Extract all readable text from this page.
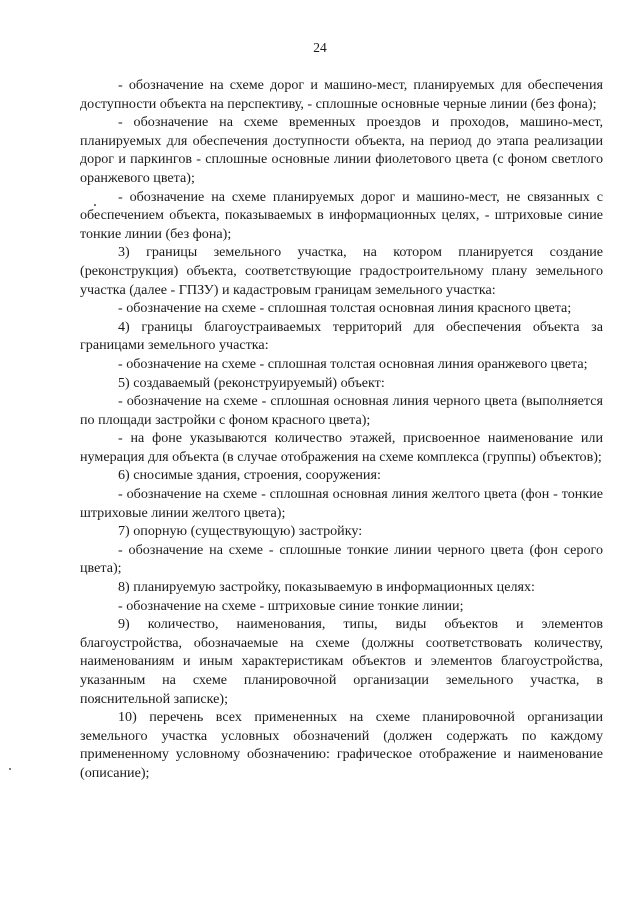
24

- обозначение на схеме дорог и машино-мест, планируемых для обеспечения доступности объекта на перспективу, - сплошные основные черные линии (без фона);

- обозначение на схеме временных проездов и проходов, машино-мест, планируемых для обеспечения доступности объекта, на период до этапа реализации дорог и паркингов - сплошные основные линии фиолетового цвета (с фоном светлого оранжевого цвета);

- обозначение на схеме планируемых дорог и машино-мест, не связанных с обеспечением объекта, показываемых в информационных целях, - штриховые синие тонкие линии (без фона);

3) границы земельного участка, на котором планируется создание (реконструкция) объекта, соответствующие градостроительному плану земельного участка (далее - ГПЗУ) и кадастровым границам земельного участка:

- обозначение на схеме - сплошная толстая основная линия красного цвета;

4) границы благоустраиваемых территорий для обеспечения объекта за границами земельного участка:

- обозначение на схеме - сплошная толстая основная линия оранжевого цвета;

5) создаваемый (реконструируемый) объект:

- обозначение на схеме - сплошная основная линия черного цвета (выполняется по площади застройки с фоном красного цвета);

- на фоне указываются количество этажей, присвоенное наименование или нумерация для объекта (в случае отображения на схеме комплекса (группы) объектов);

6) сносимые здания, строения, сооружения:

- обозначение на схеме - сплошная основная линия желтого цвета (фон - тонкие штриховые линии желтого цвета);

7) опорную (существующую) застройку:

- обозначение на схеме - сплошные тонкие линии черного цвета (фон серого цвета);

8) планируемую застройку, показываемую в информационных целях:

- обозначение на схеме - штриховые синие тонкие линии;

9) количество, наименования, типы, виды объектов и элементов благоустройства, обозначаемые на схеме (должны соответствовать количеству, наименованиям и иным характеристикам объектов и элементов благоустройства, указанным на схеме планировочной организации земельного участка, в пояснительной записке);

10) перечень всех примененных на схеме планировочной организации земельного участка условных обозначений (должен содержать по каждому примененному условному обозначению: графическое отображение и наименование (описание);
